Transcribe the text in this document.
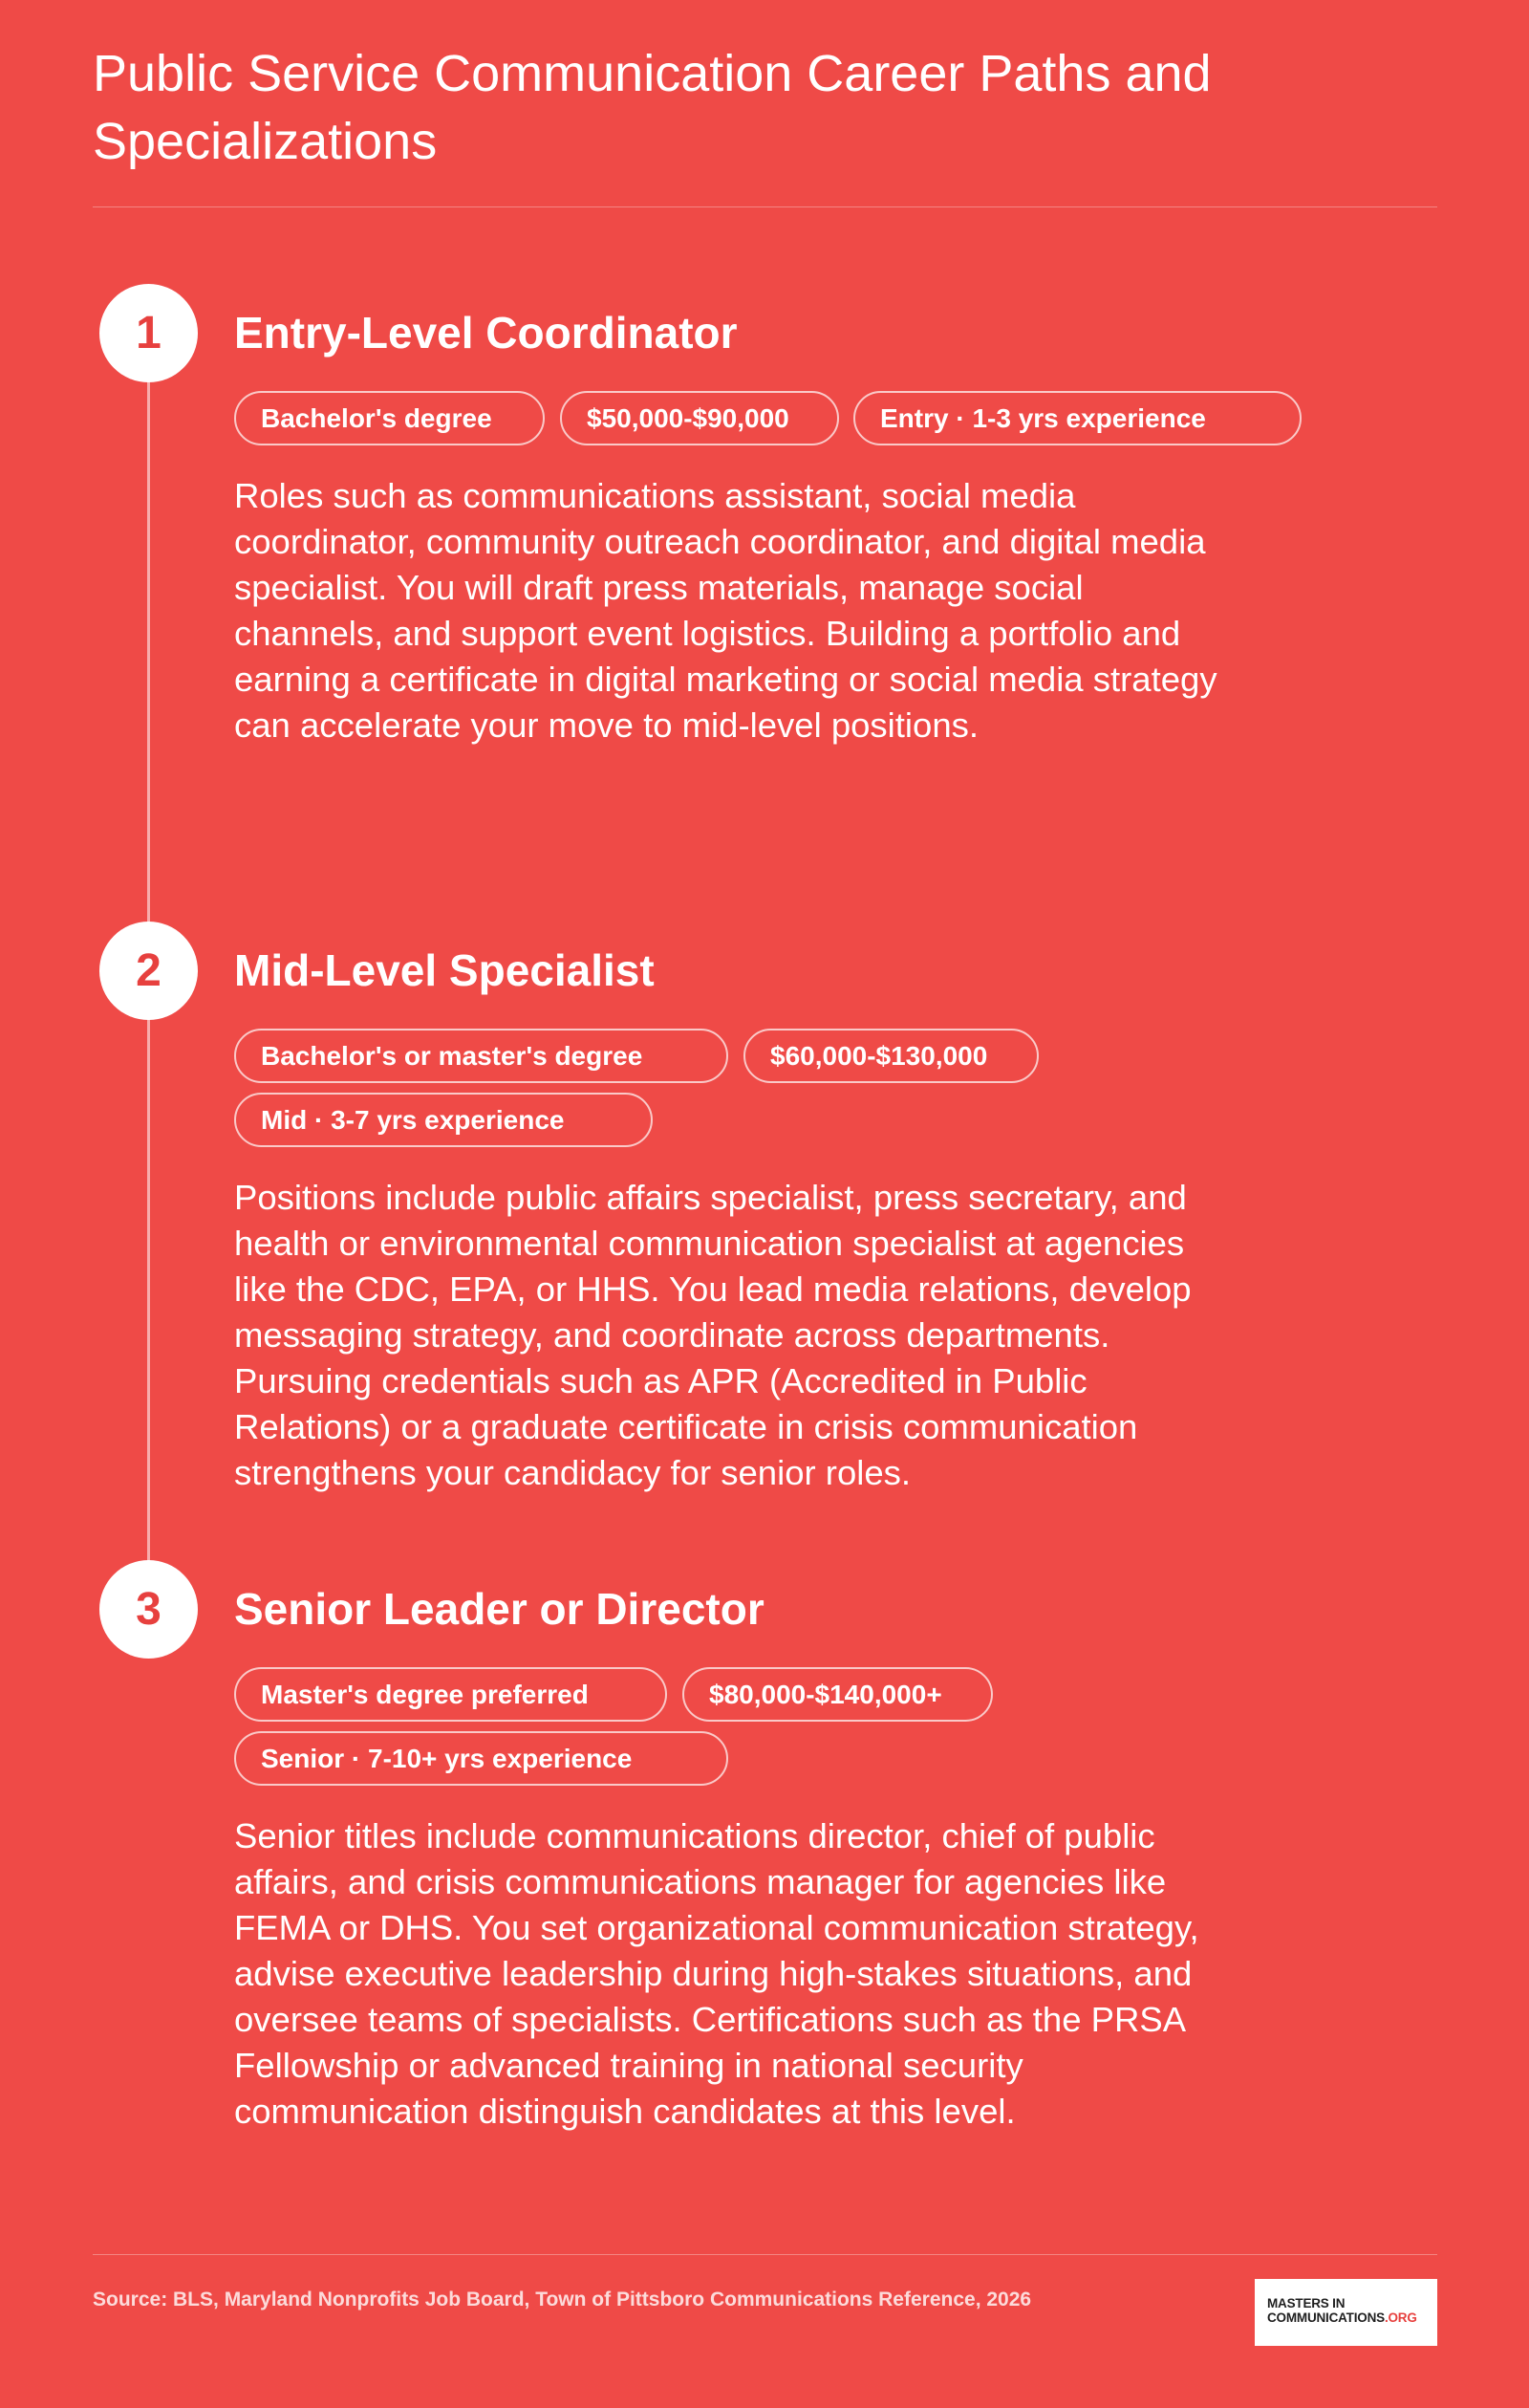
Public Service Communication Career Paths and Specializations
1	Entry-Level Coordinator
Bachelor's degree	$50,000-$90,000	Entry · 1-3 yrs experience

Roles such as communications assistant, social media coordinator, community outreach coordinator, and digital media specialist. You will draft press materials, manage social channels, and support event logistics. Building a portfolio and earning a certificate in digital marketing or social media strategy can accelerate your move to mid-level positions.

2	Mid-Level Specialist
Bachelor's or master's degree	$60,000-$130,000
Mid · 3-7 yrs experience

Positions include public affairs specialist, press secretary, and health or environmental communication specialist at agencies like the CDC, EPA, or HHS. You lead media relations, develop messaging strategy, and coordinate across departments. Pursuing credentials such as APR (Accredited in Public Relations) or a graduate certificate in crisis communication strengthens your candidacy for senior roles.

3	Senior Leader or Director
Master's degree preferred	$80,000-$140,000+
Senior · 7-10+ yrs experience

Senior titles include communications director, chief of public affairs, and crisis communications manager for agencies like FEMA or DHS. You set organizational communication strategy, advise executive leadership during high-stakes situations, and oversee teams of specialists. Certifications such as the PRSA Fellowship or advanced training in national security communication distinguish candidates at this level.

Source: BLS, Maryland Nonprofits Job Board, Town of Pittsboro Communications Reference, 2026	MASTERS IN
COMMUNICATIONS.ORG
